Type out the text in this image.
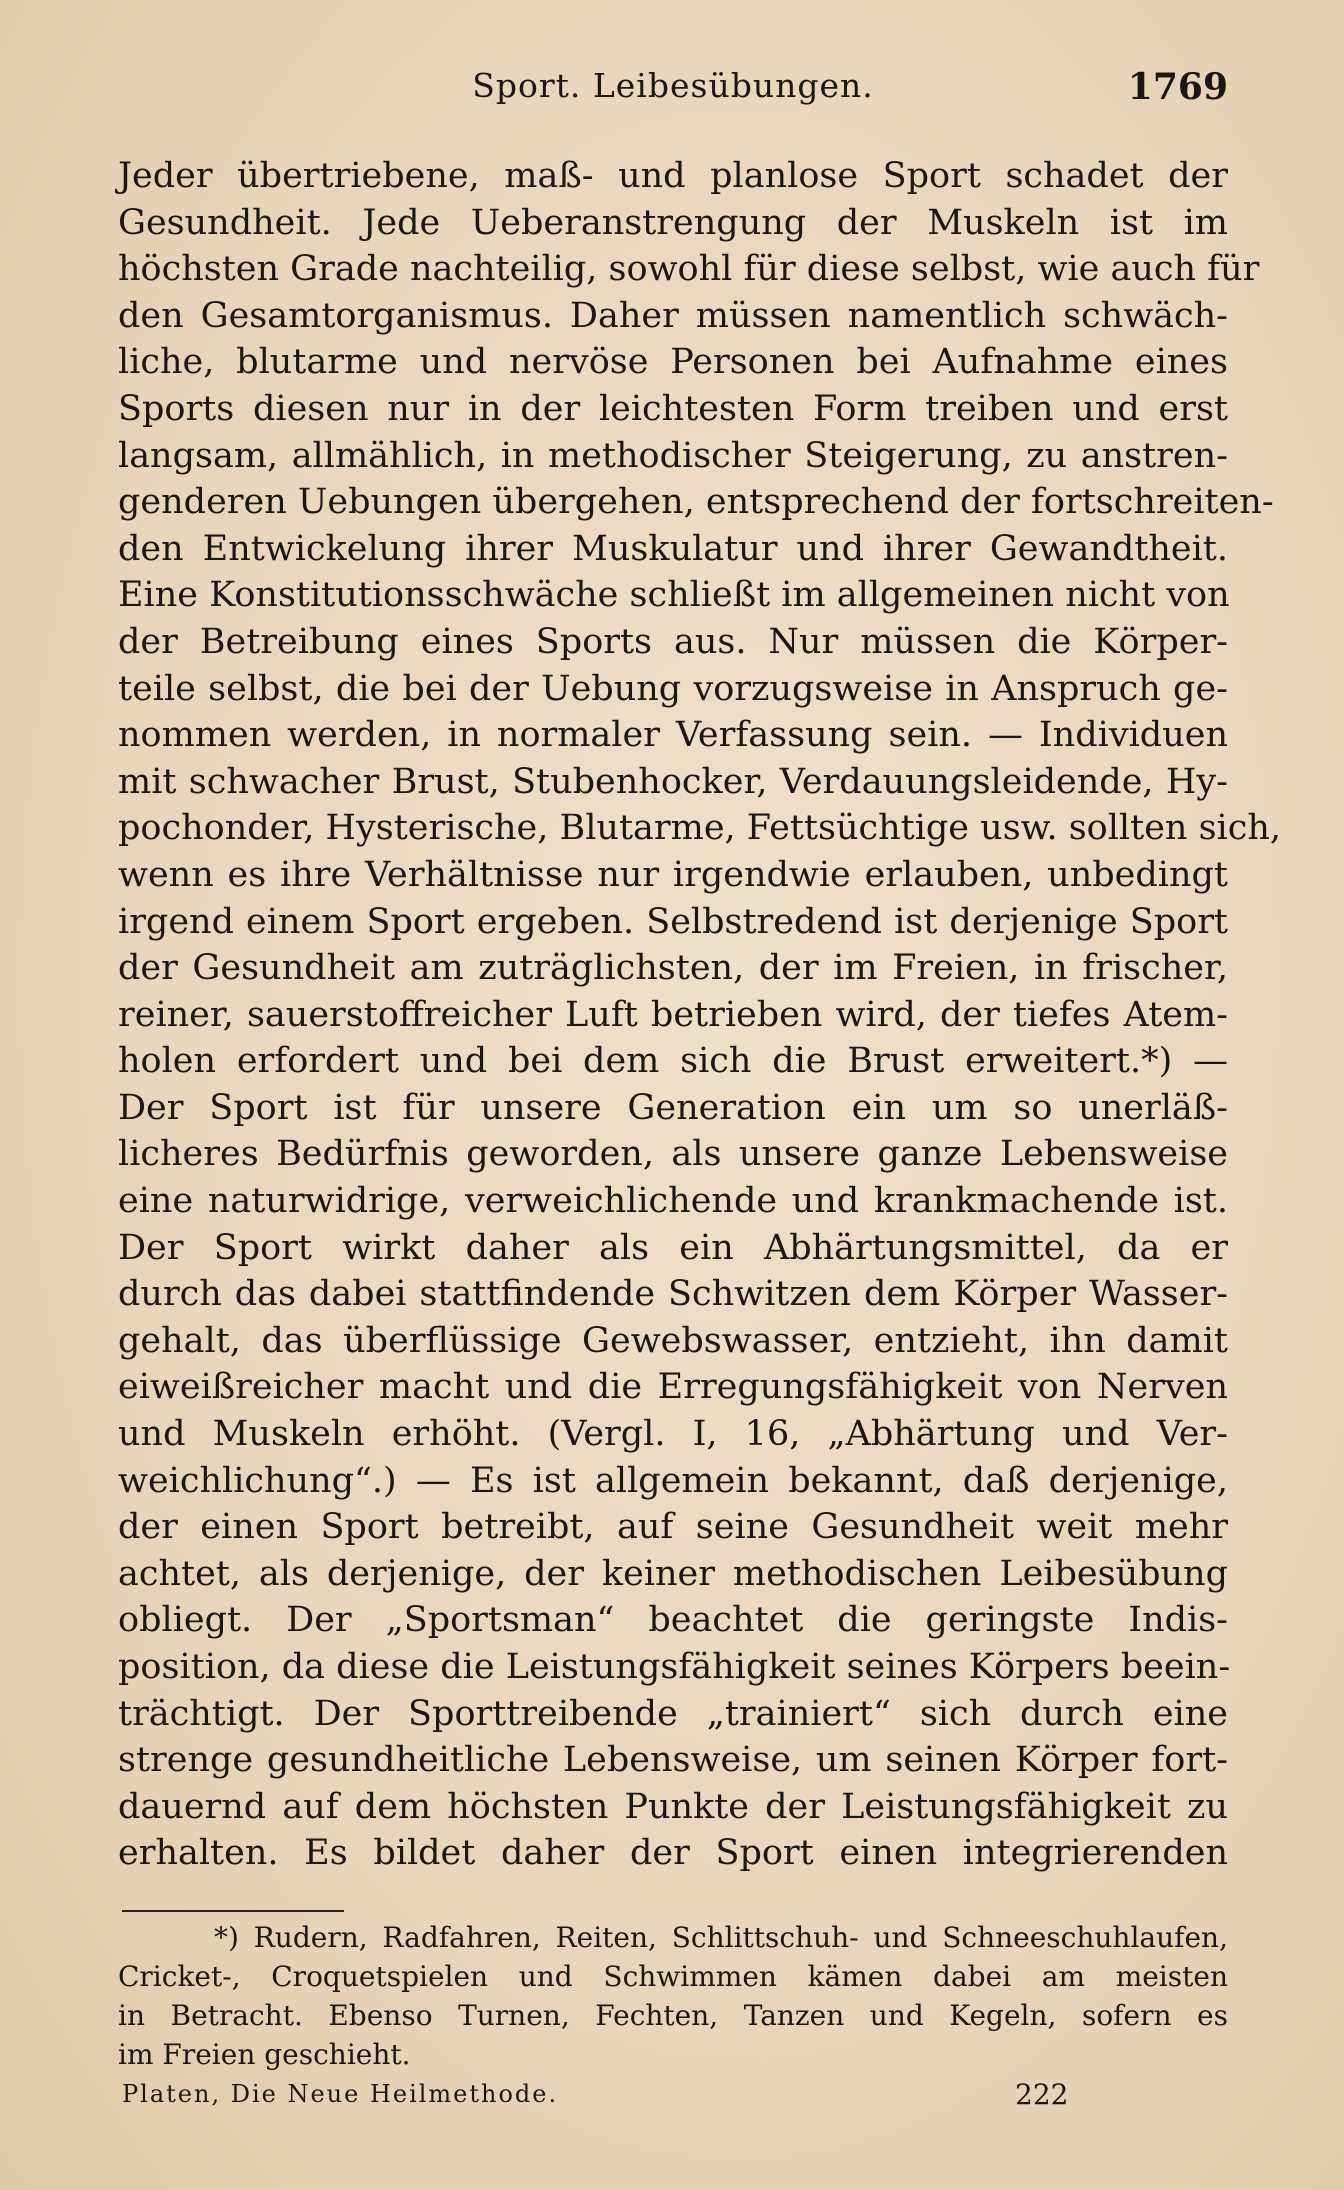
Sport. Leibesübungen.	1769
Jeder übertriebene, maß- und planlose Sport schadet der
Gesundheit. Jede Ueberanstrengung der Muskeln ist im
höchsten Grade nachteilig, sowohl für diese selbst, wie auch für
den Gesamtorganismus. Daher müssen namentlich schwäch-
liche, blutarme und nervöse Personen bei Aufnahme eines
Sports diesen nur in der leichtesten Form treiben und erst
langsam, allmählich, in methodischer Steigerung, zu anstren-
genderen Uebungen übergehen, entsprechend der fortschreiten-
den Entwickelung ihrer Muskulatur und ihrer Gewandtheit.
Eine Konstitutionsschwäche schließt im allgemeinen nicht von
der Betreibung eines Sports aus. Nur müssen die Körper-
teile selbst, die bei der Uebung vorzugsweise in Anspruch ge-
nommen werden, in normaler Verfassung sein. — Individuen
mit schwacher Brust, Stubenhocker, Verdauungsleidende, Hy-
pochonder, Hysterische, Blutarme, Fettsüchtige usw. sollten sich,
wenn es ihre Verhältnisse nur irgendwie erlauben, unbedingt
irgend einem Sport ergeben. Selbstredend ist derjenige Sport
der Gesundheit am zuträglichsten, der im Freien, in frischer,
reiner, sauerstoffreicher Luft betrieben wird, der tiefes Atem-
holen erfordert und bei dem sich die Brust erweitert.*) —
Der Sport ist für unsere Generation ein um so unerläß-
licheres Bedürfnis geworden, als unsere ganze Lebensweise
eine naturwidrige, verweichlichende und krankmachende ist.
Der Sport wirkt daher als ein Abhärtungsmittel, da er
durch das dabei stattfindende Schwitzen dem Körper Wasser-
gehalt, das überflüssige Gewebswasser, entzieht, ihn damit
eiweißreicher macht und die Erregungsfähigkeit von Nerven
und Muskeln erhöht. (Vergl. I, 16, „Abhärtung und Ver-
weichlichung“.) — Es ist allgemein bekannt, daß derjenige,
der einen Sport betreibt, auf seine Gesundheit weit mehr
achtet, als derjenige, der keiner methodischen Leibesübung
obliegt. Der „Sportsman“ beachtet die geringste Indis-
position, da diese die Leistungsfähigkeit seines Körpers beein-
trächtigt. Der Sporttreibende „trainiert“ sich durch eine
strenge gesundheitliche Lebensweise, um seinen Körper fort-
dauernd auf dem höchsten Punkte der Leistungsfähigkeit zu
erhalten. Es bildet daher der Sport einen integrierenden
*) Rudern, Radfahren, Reiten, Schlittschuh- und Schneeschuhlaufen,
Cricket-, Croquetspielen und Schwimmen kämen dabei am meisten
in Betracht. Ebenso Turnen, Fechten, Tanzen und Kegeln, sofern es
im Freien geschieht.
Platen, Die Neue Heilmethode.	222
